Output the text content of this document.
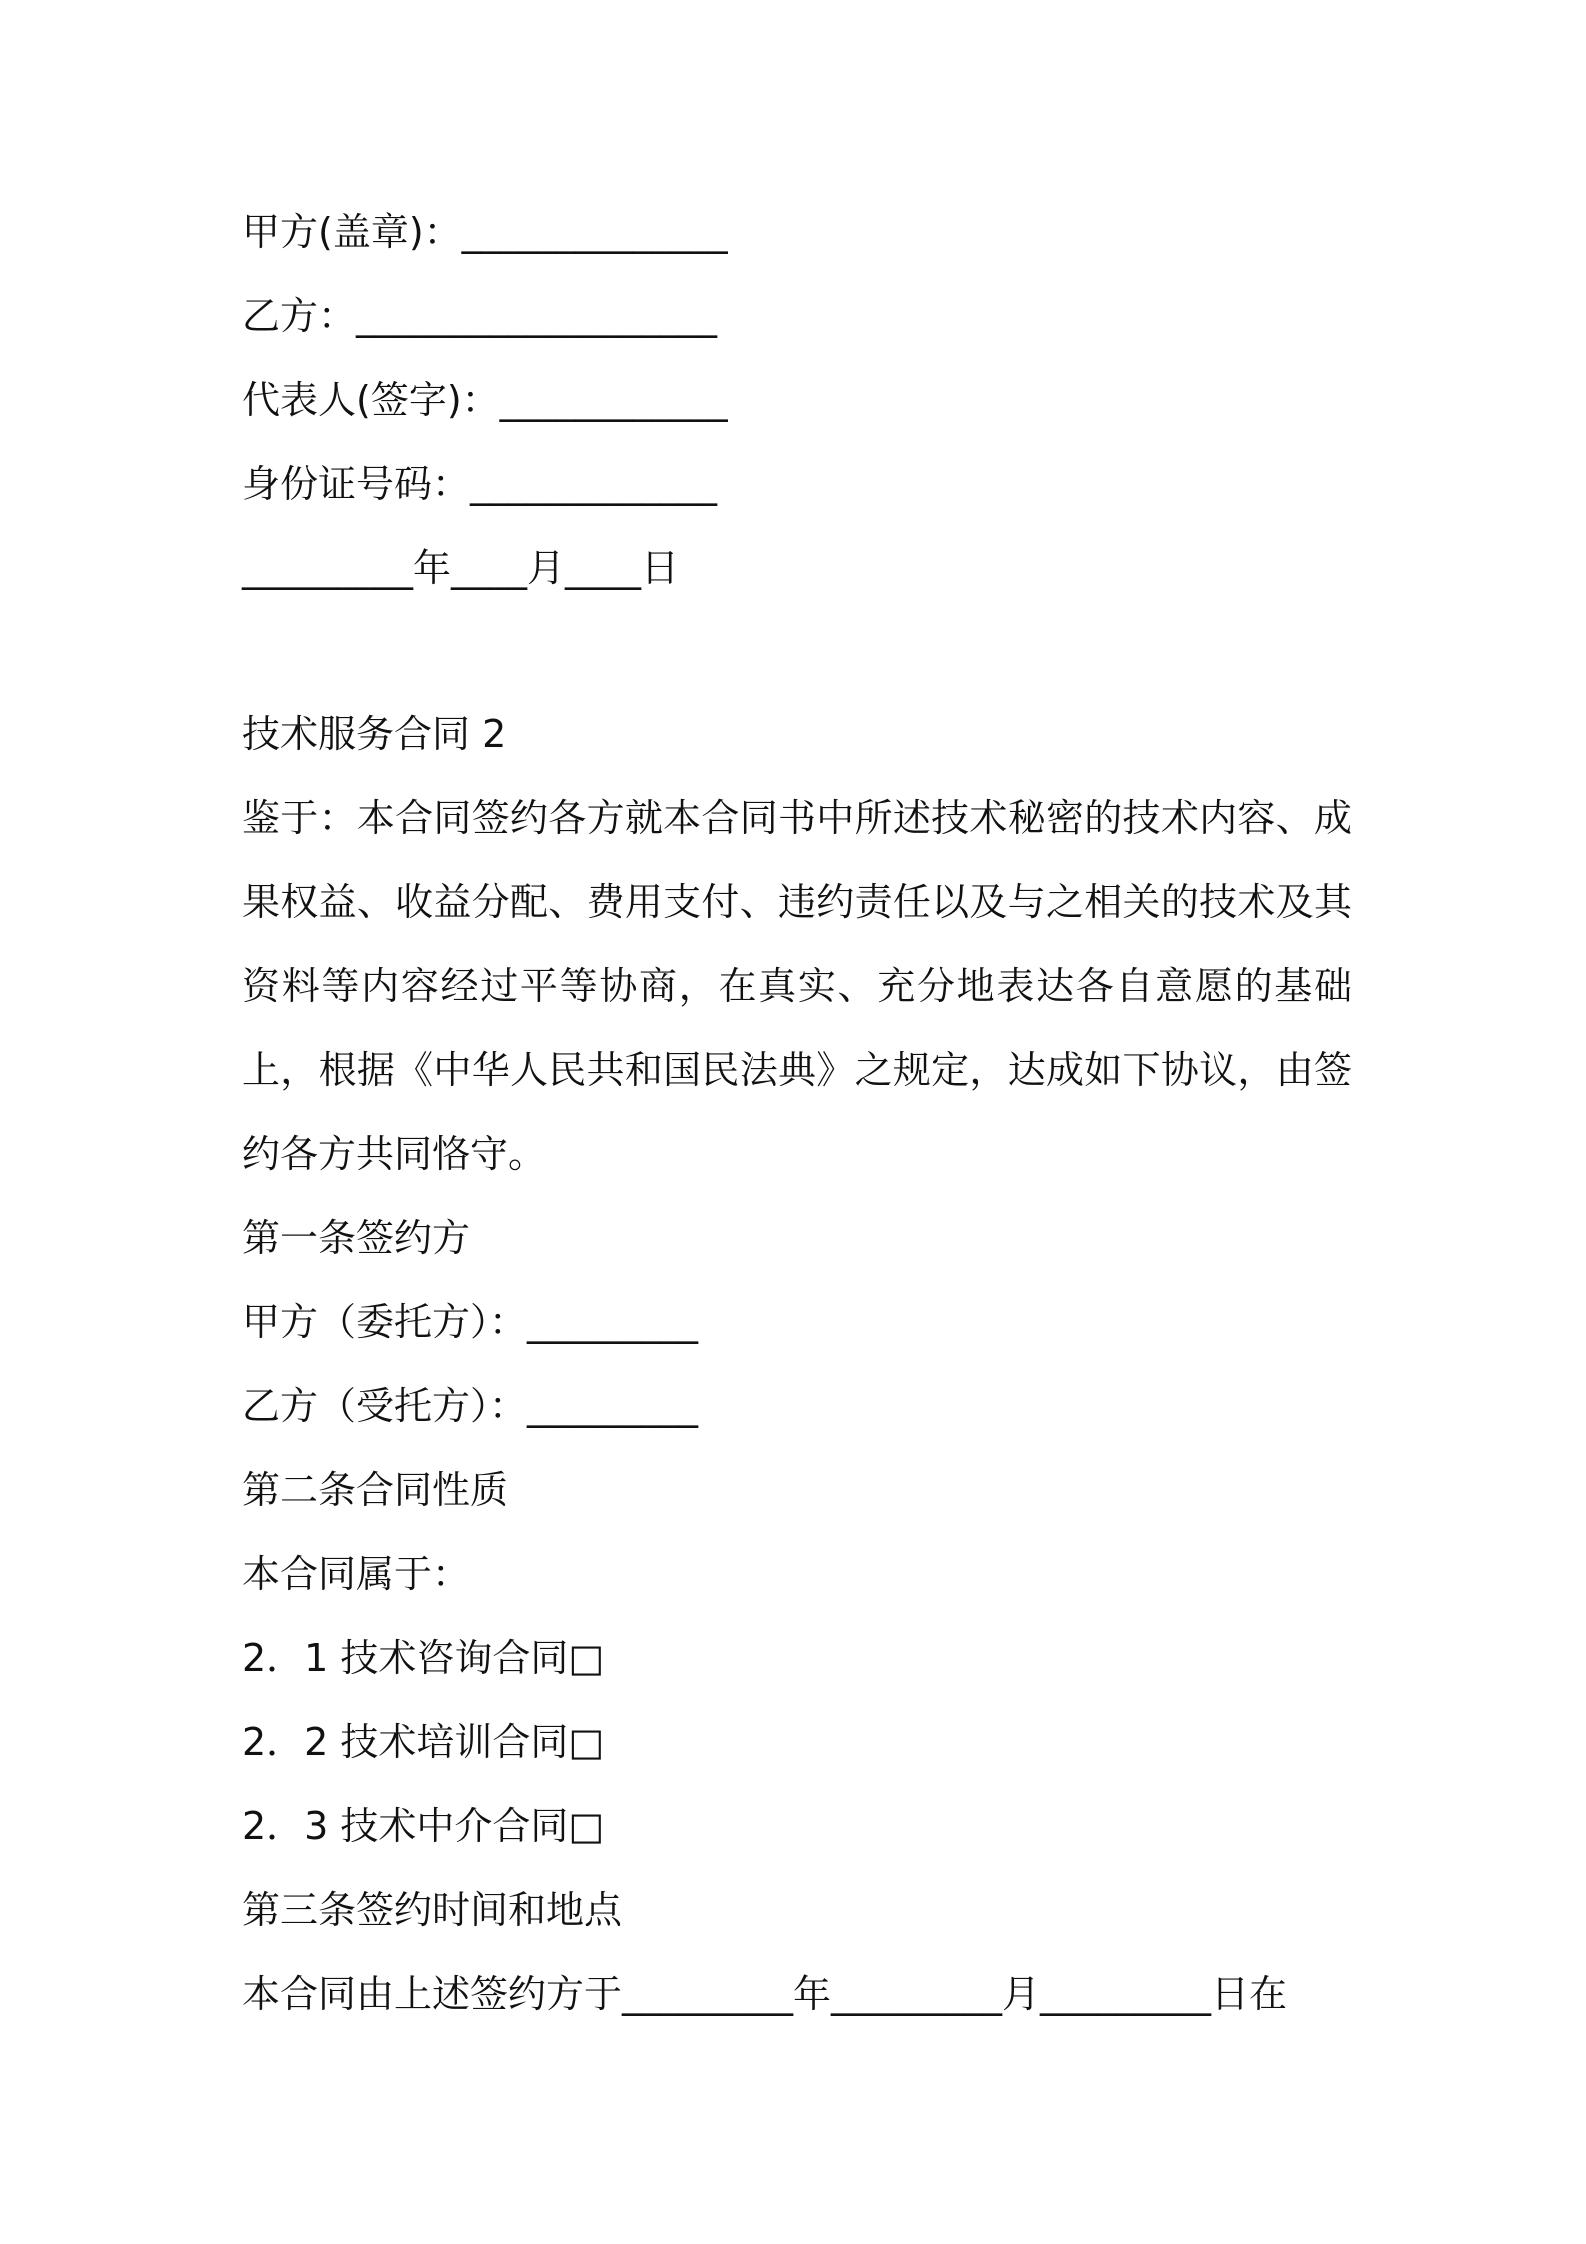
甲方(盖章)：______________
乙方：___________________
代表人(签字)：____________
身份证号码：_____________
_________年____月____日
技术服务合同 2

鉴于：本合同签约各方就本合同书中所述技术秘密的技术内容、成果权益、收益分配、费用支付、违约责任以及与之相关的技术及其资料等内容经过平等协商，在真实、充分地表达各自意愿的基础上，根据《中华人民共和国民法典》之规定，达成如下协议，由签约各方共同恪守。

第一条签约方
甲方（委托方）：_________
乙方（受托方）：_________
第二条合同性质
本合同属于：
2．1 技术咨询合同□
2．2 技术培训合同□
2．3 技术中介合同□
第三条签约时间和地点
本合同由上述签约方于_________年_________月_________日在
